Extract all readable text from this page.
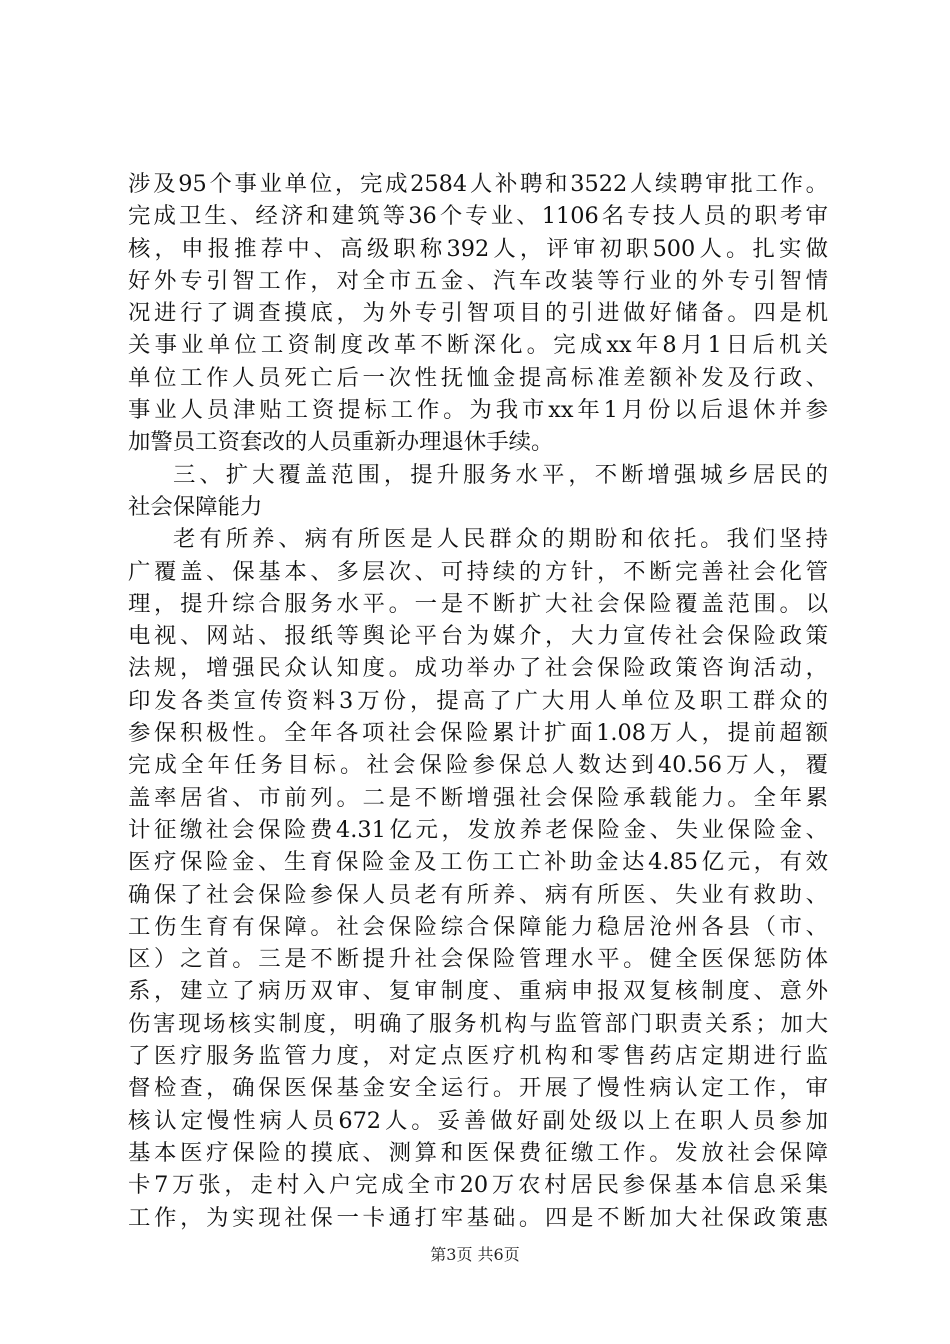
涉及95个事业单位，完成2584人补聘和3522人续聘审批工作。
完成卫生、经济和建筑等36个专业、1106名专技人员的职考审
核，申报推荐中、高级职称392人，评审初职500人。扎实做
好外专引智工作，对全市五金、汽车改装等行业的外专引智情
况进行了调查摸底，为外专引智项目的引进做好储备。四是机
关事业单位工资制度改革不断深化。完成xx年8月1日后机关
单位工作人员死亡后一次性抚恤金提高标准差额补发及行政、
事业人员津贴工资提标工作。为我市xx年1月份以后退休并参
加警员工资套改的人员重新办理退休手续。
三、扩大覆盖范围，提升服务水平，不断增强城乡居民的
社会保障能力
老有所养、病有所医是人民群众的期盼和依托。我们坚持
广覆盖、保基本、多层次、可持续的方针，不断完善社会化管
理，提升综合服务水平。一是不断扩大社会保险覆盖范围。以
电视、网站、报纸等舆论平台为媒介，大力宣传社会保险政策
法规，增强民众认知度。成功举办了社会保险政策咨询活动，
印发各类宣传资料3万份，提高了广大用人单位及职工群众的
参保积极性。全年各项社会保险累计扩面1.08万人，提前超额
完成全年任务目标。社会保险参保总人数达到40.56万人，覆
盖率居省、市前列。二是不断增强社会保险承载能力。全年累
计征缴社会保险费4.31亿元，发放养老保险金、失业保险金、
医疗保险金、生育保险金及工伤工亡补助金达4.85亿元，有效
确保了社会保险参保人员老有所养、病有所医、失业有救助、
工伤生育有保障。社会保险综合保障能力稳居沧州各县（市、
区）之首。三是不断提升社会保险管理水平。健全医保惩防体
系，建立了病历双审、复审制度、重病申报双复核制度、意外
伤害现场核实制度，明确了服务机构与监管部门职责关系；加大
了医疗服务监管力度，对定点医疗机构和零售药店定期进行监
督检查，确保医保基金安全运行。开展了慢性病认定工作，审
核认定慢性病人员672人。妥善做好副处级以上在职人员参加
基本医疗保险的摸底、测算和医保费征缴工作。发放社会保障
卡7万张，走村入户完成全市20万农村居民参保基本信息采集
工作，为实现社保一卡通打牢基础。四是不断加大社保政策惠
第3页 共6页
